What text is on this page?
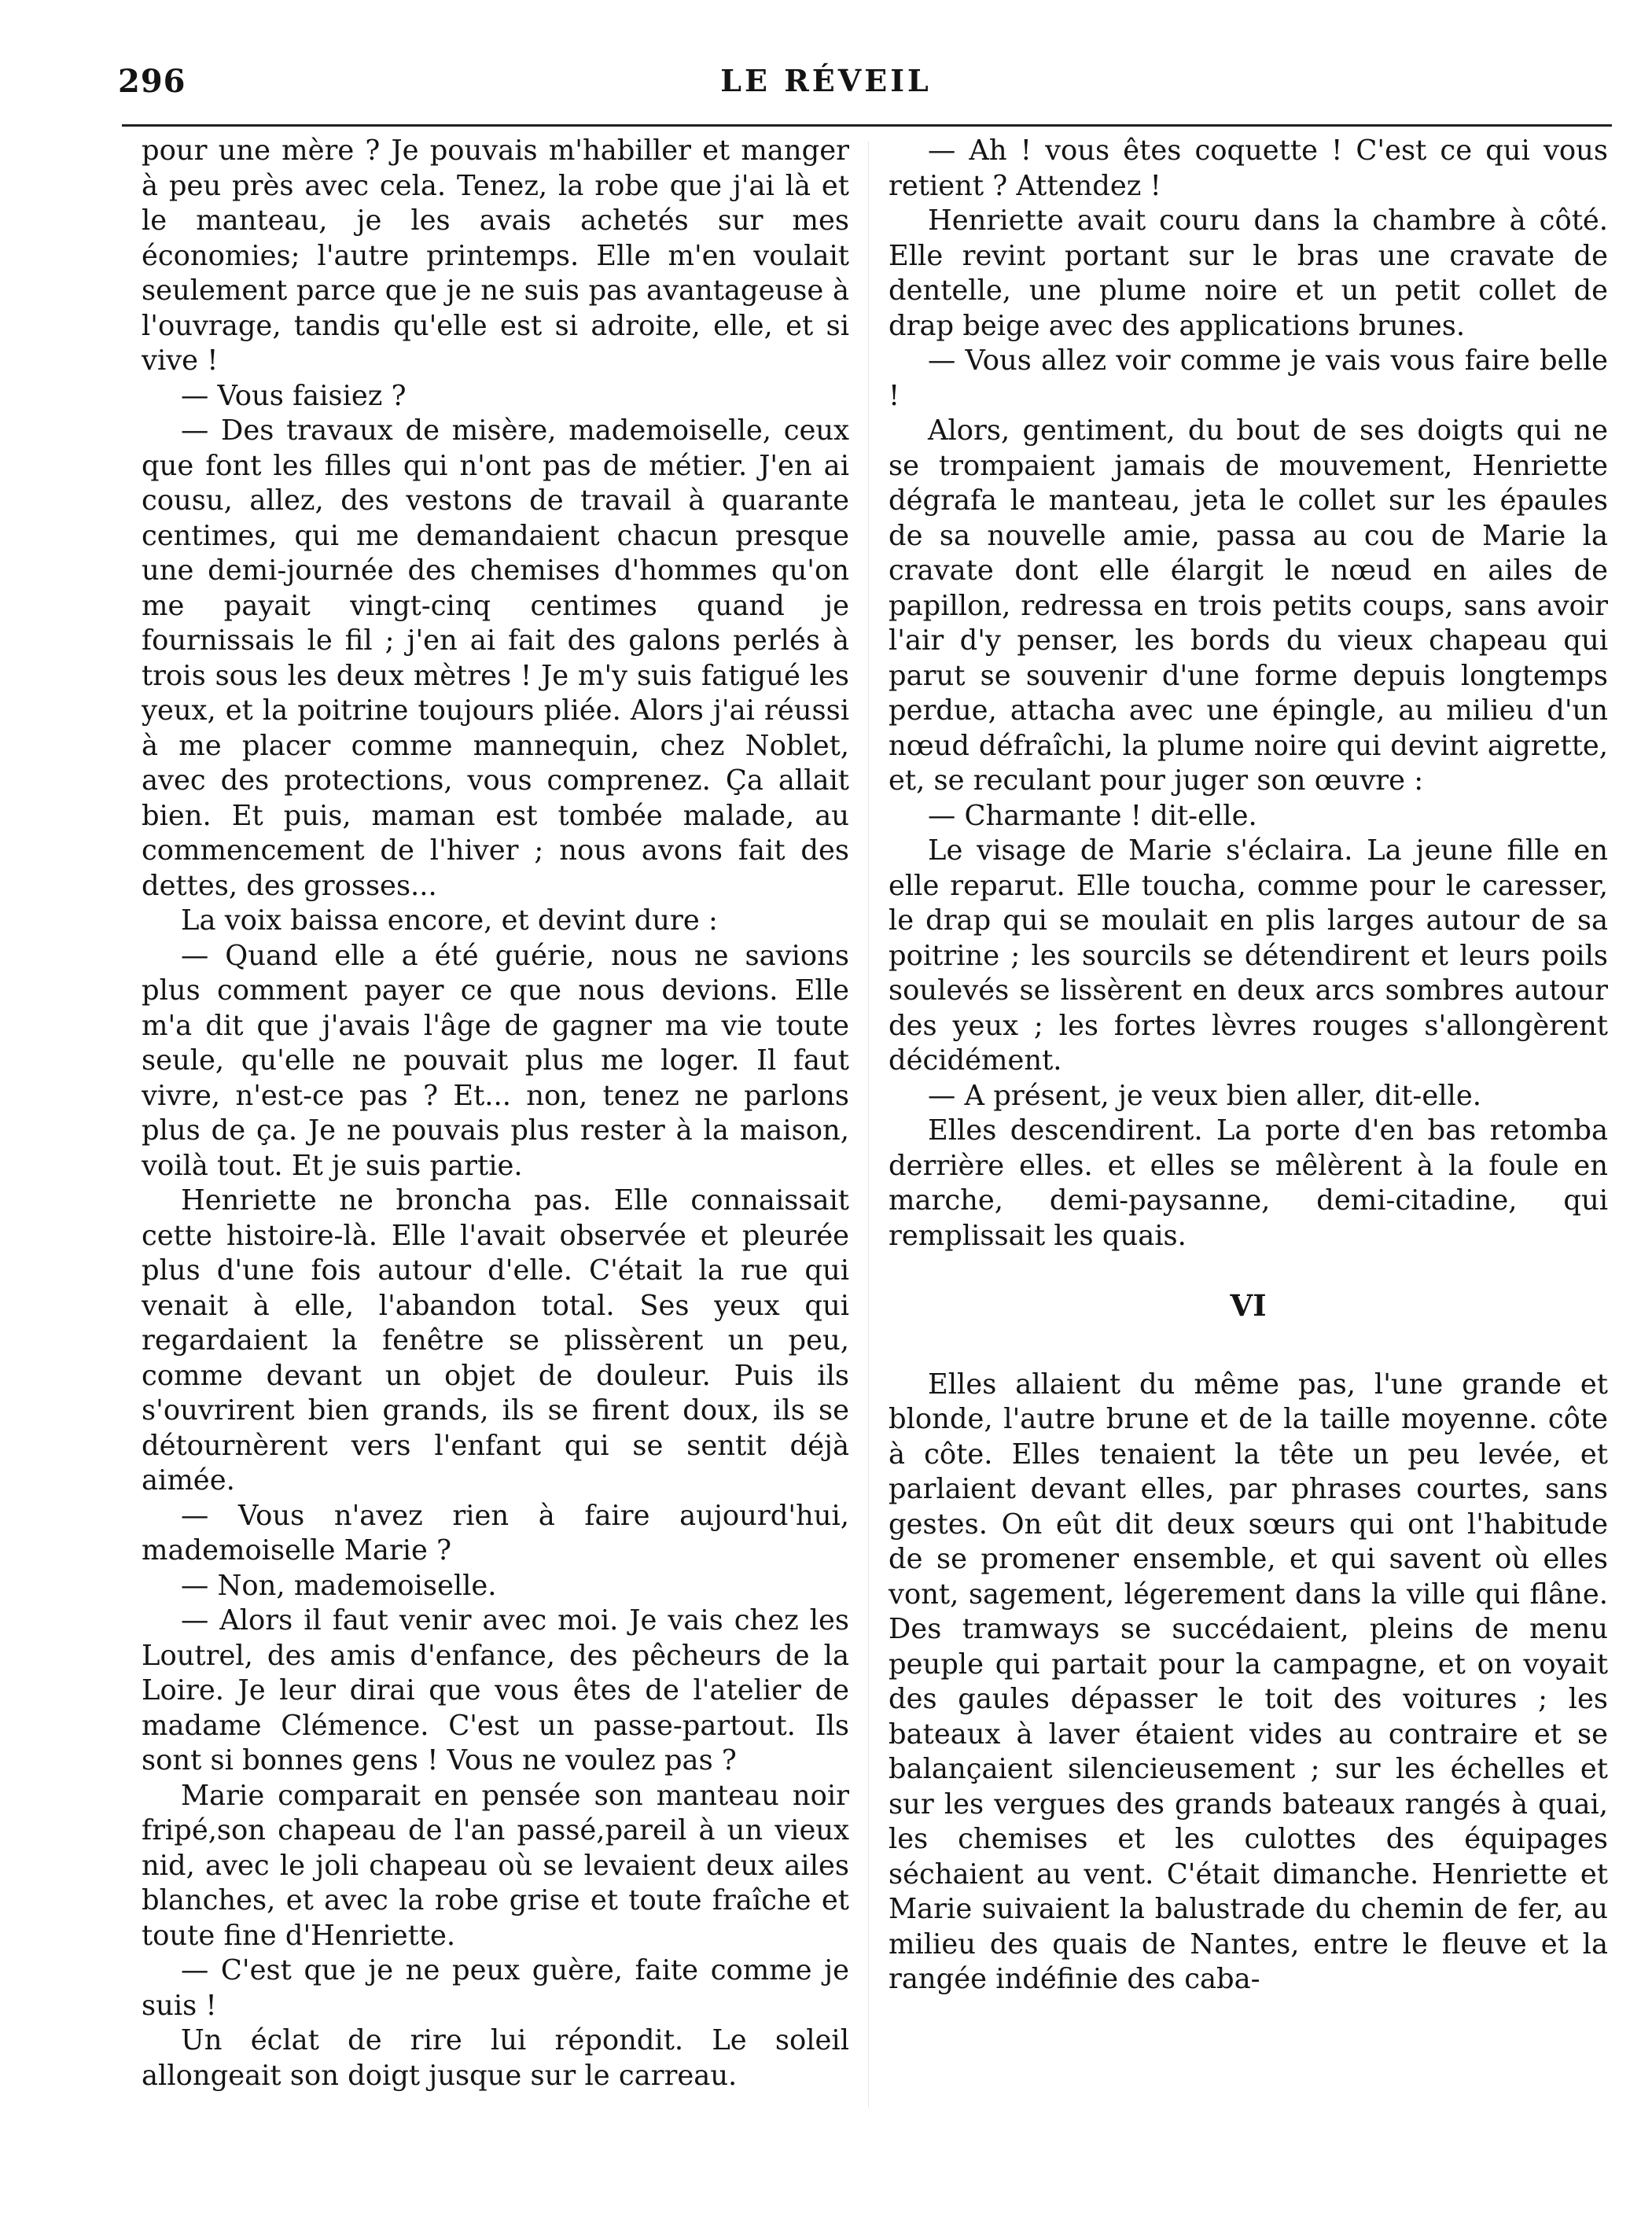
296	LE RÉVEIL

pour une mère ? Je pouvais m'habiller et manger à peu près avec cela. Tenez, la robe que j'ai là et le manteau, je les avais achetés sur mes économies; l'autre printemps. Elle m'en voulait seulement parce que je ne suis pas avantageuse à l'ouvrage, tandis qu'elle est si adroite, elle, et si vive !

— Vous faisiez ?

— Des travaux de misère, mademoiselle, ceux que font les filles qui n'ont pas de métier. J'en ai cousu, allez, des vestons de travail à quarante centimes, qui me demandaient chacun presque une demi-journée des chemises d'hommes qu'on me payait vingt-cinq centimes quand je fournissais le fil ; j'en ai fait des galons perlés à trois sous les deux mètres ! Je m'y suis fatigué les yeux, et la poitrine toujours pliée. Alors j'ai réussi à me placer comme mannequin, chez Noblet, avec des protections, vous comprenez. Ça allait bien. Et puis, maman est tombée malade, au commencement de l'hiver ; nous avons fait des dettes, des grosses...

La voix baissa encore, et devint dure :

— Quand elle a été guérie, nous ne savions plus comment payer ce que nous devions. Elle m'a dit que j'avais l'âge de gagner ma vie toute seule, qu'elle ne pouvait plus me loger. Il faut vivre, n'est-ce pas ? Et... non, tenez ne parlons plus de ça. Je ne pouvais plus rester à la maison, voilà tout. Et je suis partie.

Henriette ne broncha pas. Elle connaissait cette histoire-là. Elle l'avait observée et pleurée plus d'une fois autour d'elle. C'était la rue qui venait à elle, l'abandon total. Ses yeux qui regardaient la fenêtre se plissèrent un peu, comme devant un objet de douleur. Puis ils s'ouvrirent bien grands, ils se firent doux, ils se détournèrent vers l'enfant qui se sentit déjà aimée.

— Vous n'avez rien à faire aujourd'hui, mademoiselle Marie ?

— Non, mademoiselle.

— Alors il faut venir avec moi. Je vais chez les Loutrel, des amis d'enfance, des pêcheurs de la Loire. Je leur dirai que vous êtes de l'atelier de madame Clémence. C'est un passe-partout. Ils sont si bonnes gens ! Vous ne voulez pas ?

Marie comparait en pensée son manteau noir fripé,son chapeau de l'an passé,pareil à un vieux nid, avec le joli chapeau où se levaient deux ailes blanches, et avec la robe grise et toute fraîche et toute fine d'Henriette.

— C'est que je ne peux guère, faite comme je suis !

Un éclat de rire lui répondit. Le soleil allongeait son doigt jusque sur le carreau.

— Ah ! vous êtes coquette ! C'est ce qui vous retient ? Attendez !

Henriette avait couru dans la chambre à côté. Elle revint portant sur le bras une cravate de dentelle, une plume noire et un petit collet de drap beige avec des applications brunes.

— Vous allez voir comme je vais vous faire belle !

Alors, gentiment, du bout de ses doigts qui ne se trompaient jamais de mouvement, Henriette dégrafa le manteau, jeta le collet sur les épaules de sa nouvelle amie, passa au cou de Marie la cravate dont elle élargit le nœud en ailes de papillon, redressa en trois petits coups, sans avoir l'air d'y penser, les bords du vieux chapeau qui parut se souvenir d'une forme depuis longtemps perdue, attacha avec une épingle, au milieu d'un nœud défraîchi, la plume noire qui devint aigrette, et, se reculant pour juger son œuvre :

— Charmante ! dit-elle.

Le visage de Marie s'éclaira. La jeune fille en elle reparut. Elle toucha, comme pour le caresser, le drap qui se moulait en plis larges autour de sa poitrine ; les sourcils se détendirent et leurs poils soulevés se lissèrent en deux arcs sombres autour des yeux ; les fortes lèvres rouges s'allongèrent décidément.

— A présent, je veux bien aller, dit-elle.

Elles descendirent. La porte d'en bas retomba derrière elles. et elles se mêlèrent à la foule en marche, demi-paysanne, demi-citadine, qui remplissait les quais.

VI

Elles allaient du même pas, l'une grande et blonde, l'autre brune et de la taille moyenne. côte à côte. Elles tenaient la tête un peu levée, et parlaient devant elles, par phrases courtes, sans gestes. On eût dit deux sœurs qui ont l'habitude de se promener ensemble, et qui savent où elles vont, sagement, légerement dans la ville qui flâne. Des tramways se succédaient, pleins de menu peuple qui partait pour la campagne, et on voyait des gaules dépasser le toit des voitures ; les bateaux à laver étaient vides au contraire et se balançaient silencieusement ; sur les échelles et sur les vergues des grands bateaux rangés à quai, les chemises et les culottes des équipages séchaient au vent. C'était dimanche. Henriette et Marie suivaient la balustrade du chemin de fer, au milieu des quais de Nantes, entre le fleuve et la rangée indéfinie des caba-
